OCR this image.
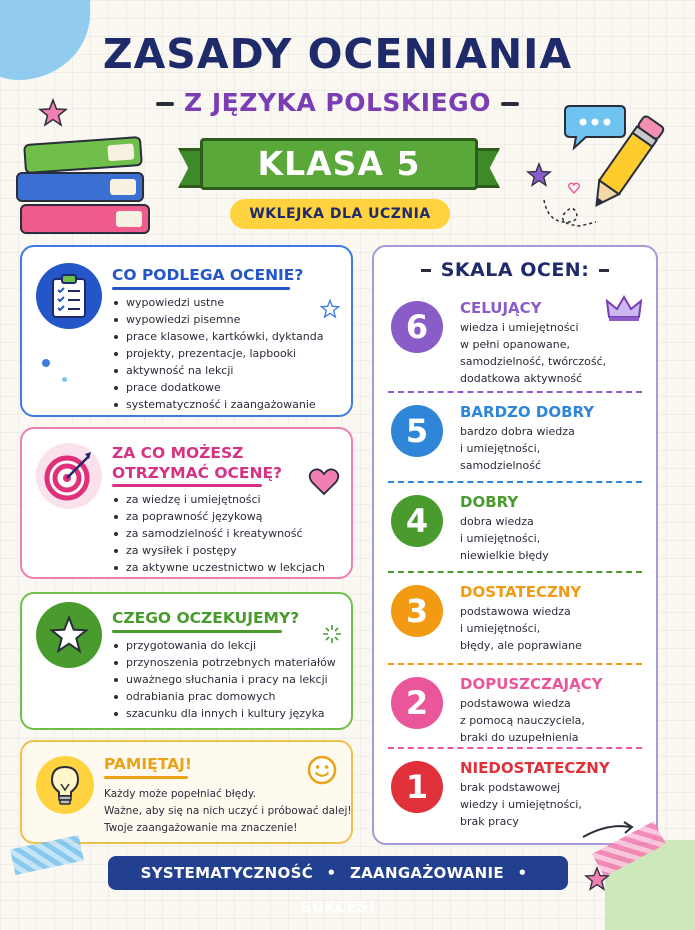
ZASADY OCENIANIA
Z JĘZYKA POLSKIEGO
KLASA 5
WKLEJKA DLA UCZNIA
CO PODLEGA OCENIE?
wypowiedzi ustne
wypowiedzi pisemne
prace klasowe, kartkówki, dyktanda
projekty, prezentacje, lapbooki
aktywność na lekcji
prace dodatkowe
systematyczność i zaangażowanie
ZA CO MOŻESZ
OTRZYMAĆ OCENĘ?
za wiedzę i umiejętności
za poprawność językową
za samodzielność i kreatywność
za wysiłek i postępy
za aktywne uczestnictwo w lekcjach
CZEGO OCZEKUJEMY?
przygotowania do lekcji
przynoszenia potrzebnych materiałów
uważnego słuchania i pracy na lekcji
odrabiania prac domowych
szacunku dla innych i kultury języka
PAMIĘTAJ!
Każdy może popełniać błędy.
Ważne, aby się na nich uczyć i próbować dalej!
Twoje zaangażowanie ma znaczenie!
SKALA OCEN:
6	CELUJĄCY
wiedza i umiejętności
w pełni opanowane,
samodzielność, twórczość,
dodatkowa aktywność
5	BARDZO DOBRY
bardzo dobra wiedza
i umiejętności,
samodzielność
4	DOBRY
dobra wiedza
i umiejętności,
niewielkie błędy
3	DOSTATECZNY
podstawowa wiedza
i umiejętności,
błędy, ale poprawiane
2	DOPUSZCZAJĄCY
podstawowa wiedza
z pomocą nauczyciela,
braki do uzupełnienia
1	NIEDOSTATECZNY
brak podstawowej
wiedzy i umiejętności,
brak pracy
SYSTEMATYCZNOŚĆ • ZAANGAŻOWANIE • SUKCES!
